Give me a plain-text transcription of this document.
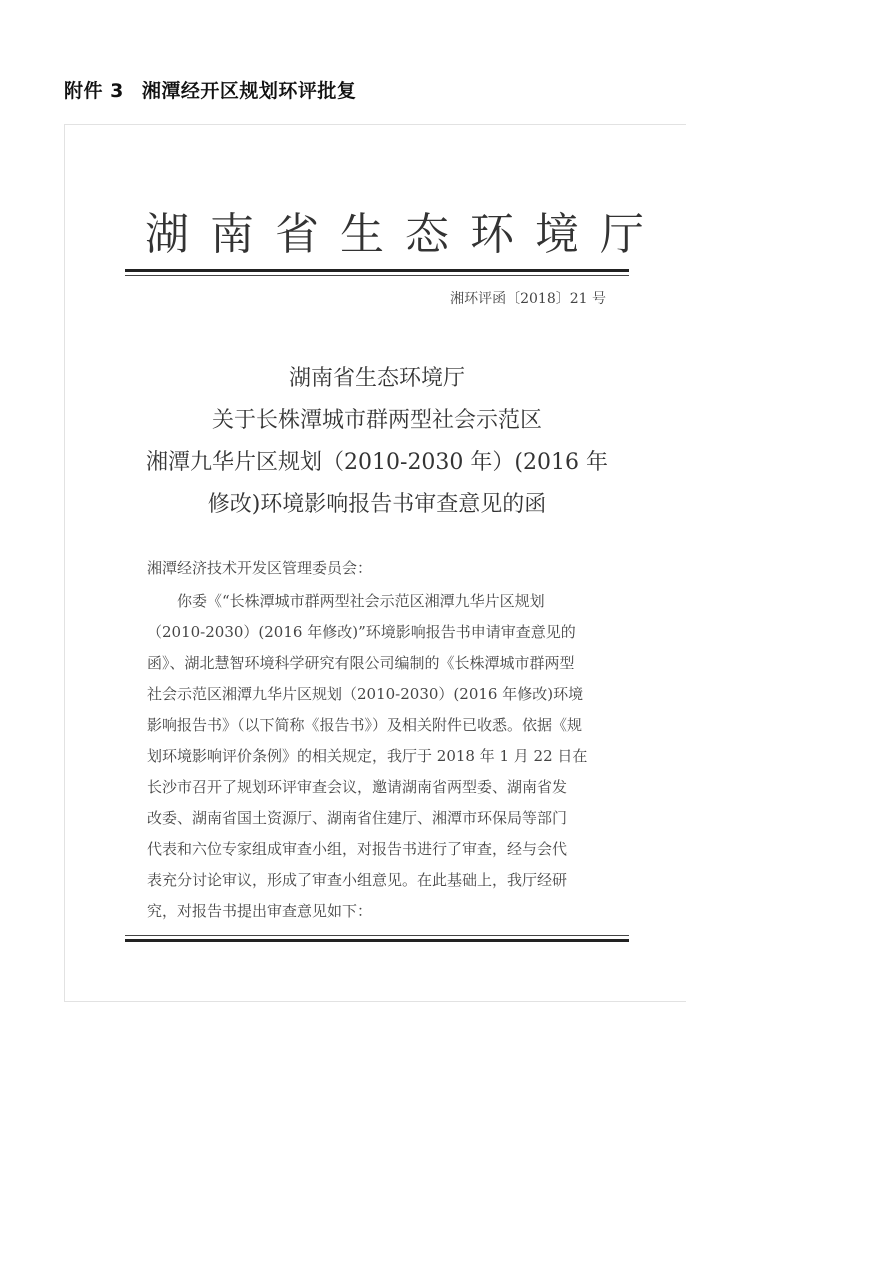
附件 3 湘潭经开区规划环评批复
湖南省生态环境厅
湘环评函〔2018〕21 号
湖南省生态环境厅
关于长株潭城市群两型社会示范区
湘潭九华片区规划（2010-2030 年）(2016 年
修改)环境影响报告书审查意见的函
湘潭经济技术开发区管理委员会：
　　你委《“长株潭城市群两型社会示范区湘潭九华片区规划
（2010-2030）(2016 年修改)”环境影响报告书申请审查意见的
函》、湖北慧智环境科学研究有限公司编制的《长株潭城市群两型
社会示范区湘潭九华片区规划（2010-2030）(2016 年修改)环境
影响报告书》（以下简称《报告书》）及相关附件已收悉。依据《规
划环境影响评价条例》的相关规定，我厅于 2018 年 1 月 22 日在
长沙市召开了规划环评审查会议，邀请湖南省两型委、湖南省发
改委、湖南省国土资源厅、湖南省住建厅、湘潭市环保局等部门
代表和六位专家组成审查小组，对报告书进行了审查，经与会代
表充分讨论审议，形成了审查小组意见。在此基础上，我厅经研
究，对报告书提出审查意见如下：
